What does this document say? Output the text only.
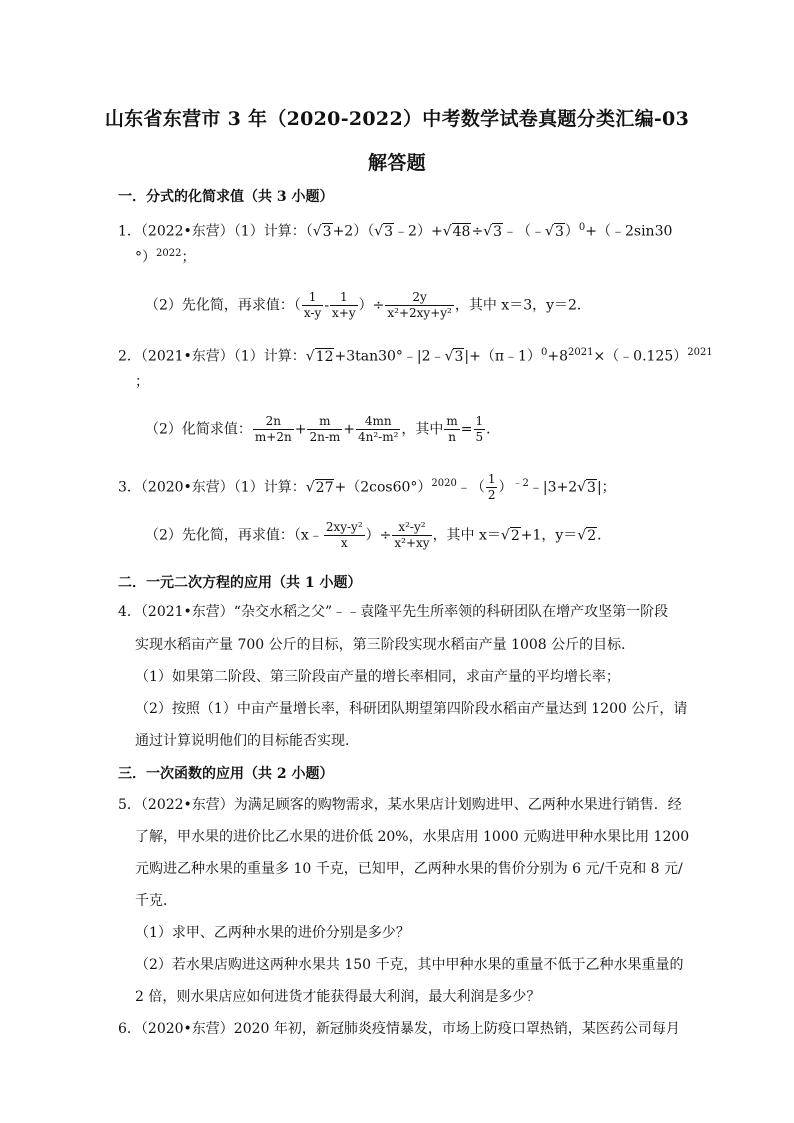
山东省东营市 3 年（2020-2022）中考数学试卷真题分类汇编-03
解答题
一．分式的化简求值（共 3 小题）
1．（2022•东营）（1）计算：（√3+2）（√3﹣2）+√48÷√3﹣（﹣√3）$^0$+（﹣2sin30
°）$^{2022}$；
（2）先化简，再求值：（ $\frac{1}{x-y} - \frac{1}{x+y}$ ）÷ $\frac{2y}{\text{x²+2xy+y²}}$ ，其中 x＝3，y＝2．
2．（2021•东营）（1）计算：$√12+3\tan 30^\circ﹣|2﹣√3|+(\pi﹣1)^0+8^{2021}\times(﹣0.125)^{2021}$
；
（2）化简求值： $\frac{2n}{m+2n} + \frac{m}{2n-m} + \frac{4mn}{\text{4n²-m²}}$ ，其中 $\frac{m}{n} = \frac{1}{5}$ ．
3．（2020•东营）（1）计算：$√27+(2\cos 60^\circ)^{2020}﹣( \frac{1}{2}$ ）$^{﹣2}$﹣|3+2√3|；
（2）先化简，再求值：（x﹣ $\frac{\text{2xy-y²}}{x}$ ）÷ $\frac{\text{x²-y²}}{\text{x²+xy}}$ ，其中 x＝√2+1，y＝√2．
二．一元二次方程的应用（共 1 小题）
4．（2021•东营）“杂交水稻之父”﹣﹣袁隆平先生所率领的科研团队在增产攻坚第一阶段
实现水稻亩产量 700 公斤的目标，第三阶段实现水稻亩产量 1008 公斤的目标．
（1）如果第二阶段、第三阶段亩产量的增长率相同，求亩产量的平均增长率；
（2）按照（1）中亩产量增长率，科研团队期望第四阶段水稻亩产量达到 1200 公斤，请
通过计算说明他们的目标能否实现．
三．一次函数的应用（共 2 小题）
5．（2022•东营）为满足顾客的购物需求，某水果店计划购进甲、乙两种水果进行销售．经
了解，甲水果的进价比乙水果的进价低 20%，水果店用 1000 元购进甲种水果比用 1200
元购进乙种水果的重量多 10 千克，已知甲，乙两种水果的售价分别为 6 元/千克和 8 元/
千克．
（1）求甲、乙两种水果的进价分别是多少？
（2）若水果店购进这两种水果共 150 千克，其中甲种水果的重量不低于乙种水果重量的
2 倍，则水果店应如何进货才能获得最大利润，最大利润是多少？
6．（2020•东营）2020 年初，新冠肺炎疫情暴发，市场上防疫口罩热销，某医药公司每月
